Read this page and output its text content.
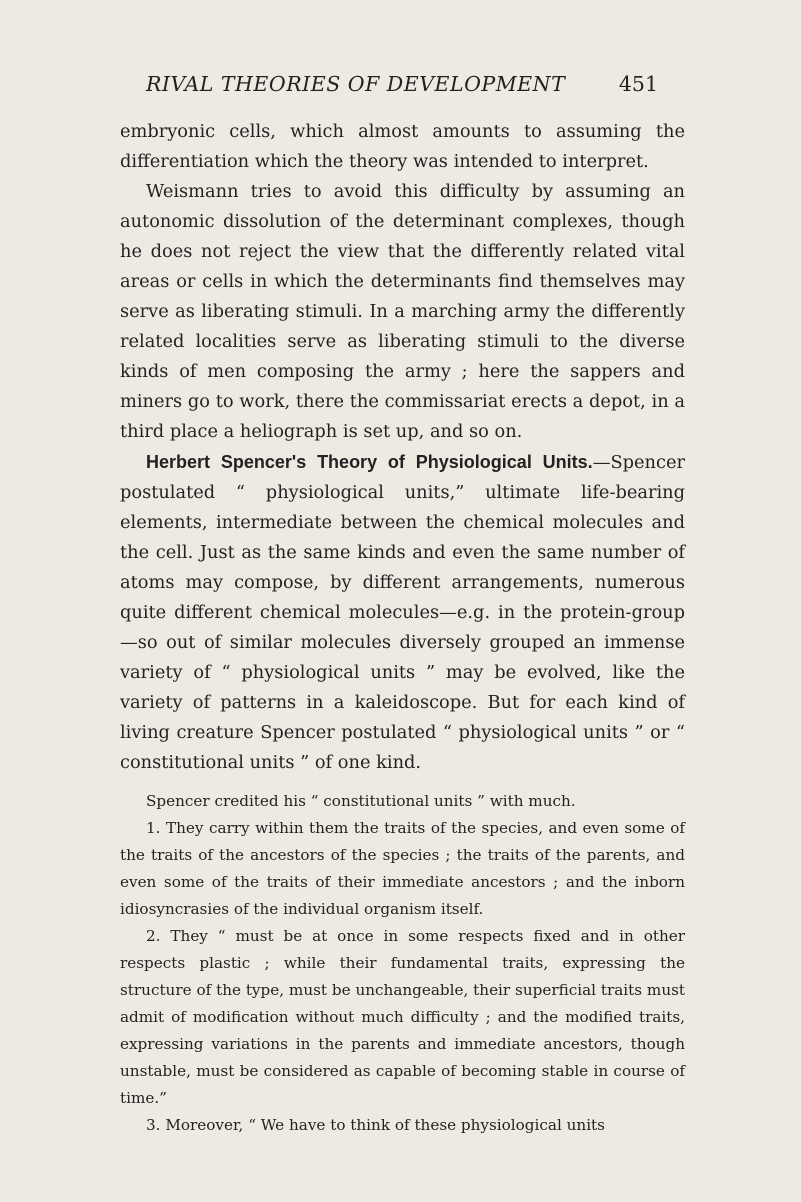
RIVAL THEORIES OF DEVELOPMENT	451

embryonic cells, which almost amounts to assuming the differentiation which the theory was intended to interpret.

Weismann tries to avoid this difficulty by assuming an autonomic dissolution of the determinant complexes, though he does not reject the view that the differently related vital areas or cells in which the determinants find themselves may serve as liberating stimuli. In a marching army the differently related localities serve as liberating stimuli to the diverse kinds of men composing the army ; here the sappers and miners go to work, there the commissariat erects a depot, in a third place a heliograph is set up, and so on.

Herbert Spencer's Theory of Physiological Units.—Spencer postulated “ physiological units,” ultimate life-bearing elements, intermediate between the chemical molecules and the cell. Just as the same kinds and even the same number of atoms may compose, by different arrangements, numerous quite different chemical molecules—e.g. in the protein-group—so out of similar molecules diversely grouped an immense variety of “ physiological units ” may be evolved, like the variety of patterns in a kaleidoscope. But for each kind of living creature Spencer postulated “ physiological units ” or “ constitutional units ” of one kind.

Spencer credited his “ constitutional units ” with much.

1. They carry within them the traits of the species, and even some of the traits of the ancestors of the species ; the traits of the parents, and even some of the traits of their immediate ancestors ; and the inborn idiosyncrasies of the individual organism itself.

2. They “ must be at once in some respects fixed and in other respects plastic ; while their fundamental traits, expressing the structure of the type, must be unchangeable, their superficial traits must admit of modification without much difficulty ; and the modified traits, expressing variations in the parents and immediate ancestors, though unstable, must be considered as capable of becoming stable in course of time.”

3. Moreover, “ We have to think of these physiological units
